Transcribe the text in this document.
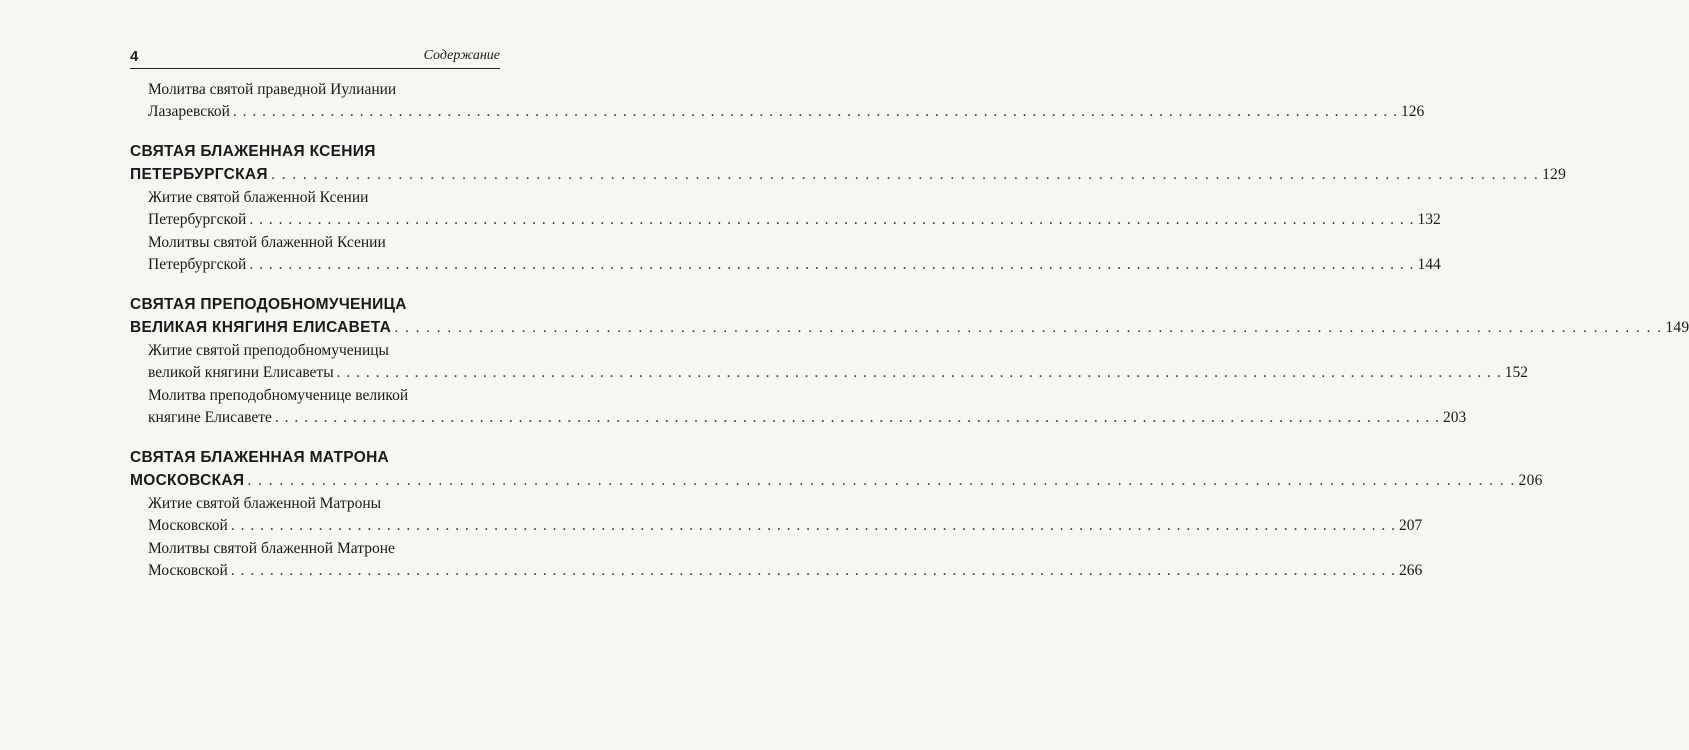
4	Содержание
Молитва святой праведной Иулиании
Лазаревской . . . . . . . . . . . . . . . . . . . . . . . . . . . . . . . . . . . . . . . . . . . . . . . . . . . . . . . . . . . . . . . . . . . . . . . . . . . . . . . . . . . . . . . . . . . . . . . . . . . . . . . . . . . . . . . . . . . . . . . . 126
СВЯТАЯ БЛАЖЕННАЯ КСЕНИЯ
ПЕТЕРБУРГСКАЯ . . . . . . . . . . . . . . . . . . . . . . . . . . . . . . . . . . . . . . . . . . . . . . . . . . . . . . . . . . . . . . . . . . . . . . . . . . . . . . . . . . . . . . . . . . . . . . . . . . . . . . . . . . . . . . . . . . . . . . . . 129
Житие святой блаженной Ксении
Петербургской . . . . . . . . . . . . . . . . . . . . . . . . . . . . . . . . . . . . . . . . . . . . . . . . . . . . . . . . . . . . . . . . . . . . . . . . . . . . . . . . . . . . . . . . . . . . . . . . . . . . . . . . . . . . . . . . . . . . . . . . 132
Молитвы святой блаженной Ксении
Петербургской . . . . . . . . . . . . . . . . . . . . . . . . . . . . . . . . . . . . . . . . . . . . . . . . . . . . . . . . . . . . . . . . . . . . . . . . . . . . . . . . . . . . . . . . . . . . . . . . . . . . . . . . . . . . . . . . . . . . . . . . 144
СВЯТАЯ ПРЕПОДОБНОМУЧЕНИЦА
ВЕЛИКАЯ КНЯГИНЯ ЕЛИСАВЕТА . . . . . . . . . . . . . . . . . . . . . . . . . . . . . . . . . . . . . . . . . . . . . . . . . . . . . . . . . . . . . . . . . . . . . . . . . . . . . . . . . . . . . . . . . . . . . . . . . . . . . . . . . . . . . . . . . . . . . . . . 149
Житие святой преподобномученицы
великой княгини Елисаветы . . . . . . . . . . . . . . . . . . . . . . . . . . . . . . . . . . . . . . . . . . . . . . . . . . . . . . . . . . . . . . . . . . . . . . . . . . . . . . . . . . . . . . . . . . . . . . . . . . . . . . . . . . . . . . . . . . . . . . . . 152
Молитва преподобномученице великой
княгине Елисавете . . . . . . . . . . . . . . . . . . . . . . . . . . . . . . . . . . . . . . . . . . . . . . . . . . . . . . . . . . . . . . . . . . . . . . . . . . . . . . . . . . . . . . . . . . . . . . . . . . . . . . . . . . . . . . . . . . . . . . . . 203
СВЯТАЯ БЛАЖЕННАЯ МАТРОНА
МОСКОВСКАЯ . . . . . . . . . . . . . . . . . . . . . . . . . . . . . . . . . . . . . . . . . . . . . . . . . . . . . . . . . . . . . . . . . . . . . . . . . . . . . . . . . . . . . . . . . . . . . . . . . . . . . . . . . . . . . . . . . . . . . . . . 206
Житие святой блаженной Матроны
Московской . . . . . . . . . . . . . . . . . . . . . . . . . . . . . . . . . . . . . . . . . . . . . . . . . . . . . . . . . . . . . . . . . . . . . . . . . . . . . . . . . . . . . . . . . . . . . . . . . . . . . . . . . . . . . . . . . . . . . . . . 207
Молитвы святой блаженной Матроне
Московской . . . . . . . . . . . . . . . . . . . . . . . . . . . . . . . . . . . . . . . . . . . . . . . . . . . . . . . . . . . . . . . . . . . . . . . . . . . . . . . . . . . . . . . . . . . . . . . . . . . . . . . . . . . . . . . . . . . . . . . . 266
